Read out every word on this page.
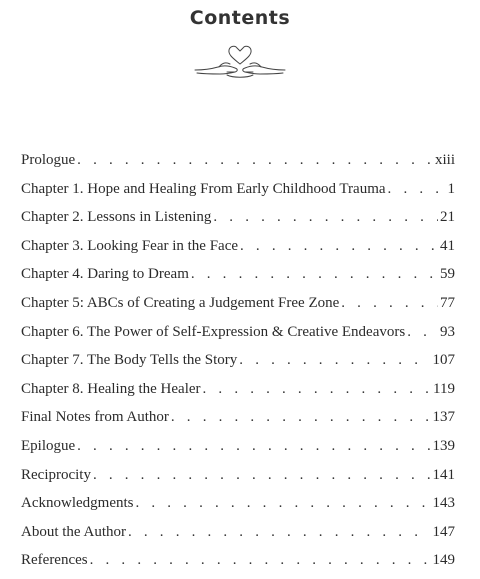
Contents
Prologue . . .	xiii
Chapter 1. Hope and Healing From Early Childhood Trauma . . .	1
Chapter 2. Lessons in Listening . . .	21
Chapter 3. Looking Fear in the Face . . .	41
Chapter 4. Daring to Dream . . .	59
Chapter 5: ABCs of Creating a Judgement Free Zone . . .	77
Chapter 6. The Power of Self-Expression & Creative Endeavors . . . 93
Chapter 7. The Body Tells the Story . . .	107
Chapter 8. Healing the Healer . . .	119
Final Notes from Author . . .	137
Epilogue . . .	139
Reciprocity . . .	141
Acknowledgments . . .	143
About the Author . . .	147
References . . .	149
